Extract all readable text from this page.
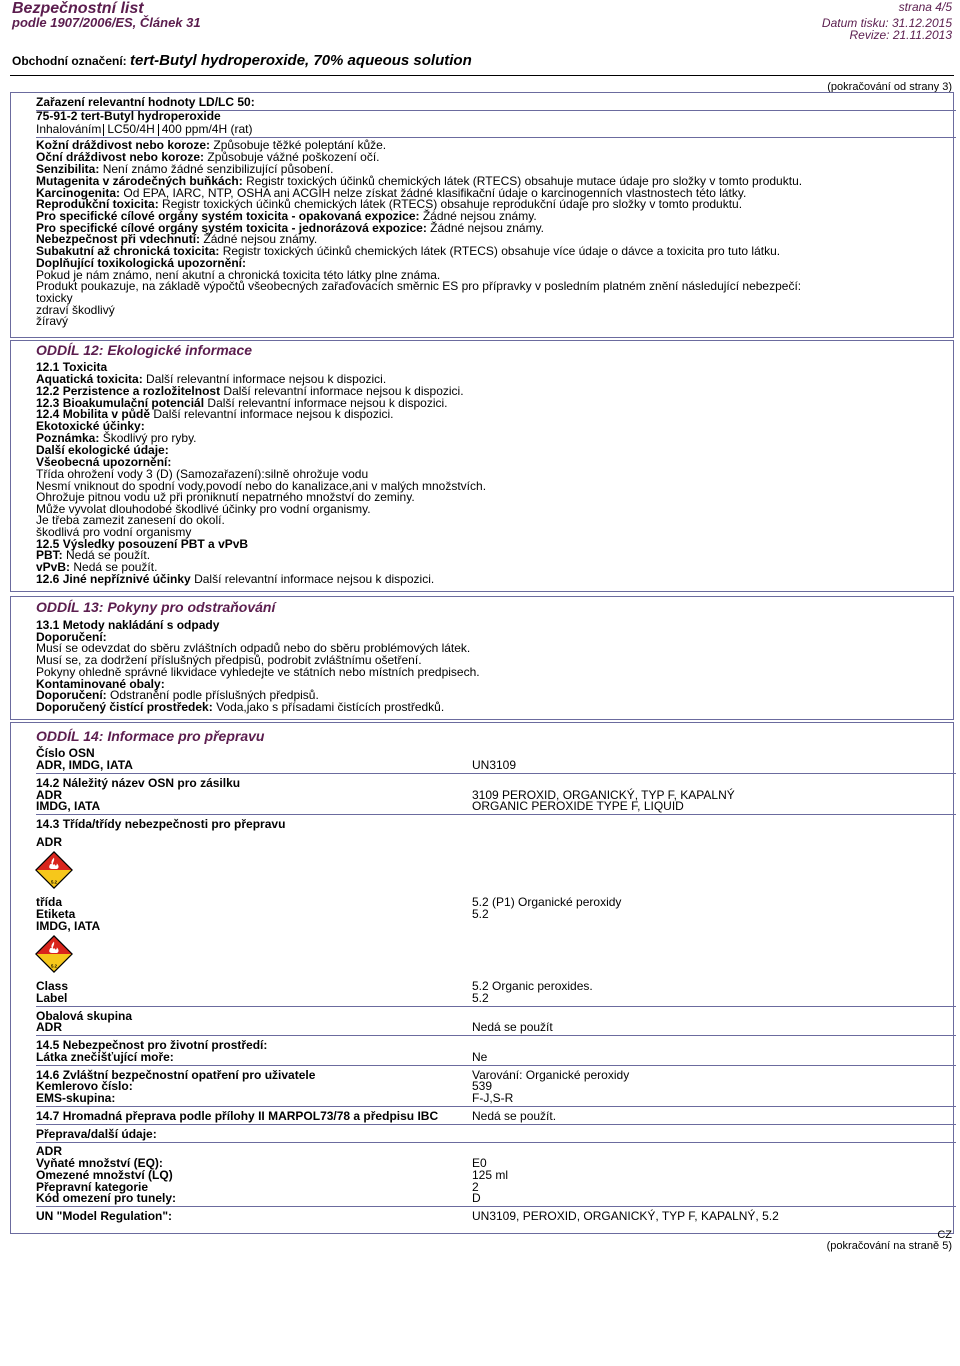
Bezpečnostní list
podle 1907/2006/ES, Článek 31
strana 4/5
Datum tisku: 31.12.2015
Revize: 21.11.2013
Obchodní označení: tert-Butyl hydroperoxide, 70% aqueous solution
(pokračování od strany 3)
Zařazení relevantní hodnoty LD/LC 50:
75-91-2 tert-Butyl hydroperoxide
Inhalováním LC50/4H 400 ppm/4H (rat)
Kožní dráždivost nebo koroze: Způsobuje těžké poleptání kůže.
Oční dráždivost nebo koroze: Způsobuje vážné poškození očí.
Senzibilita: Není známo žádné senzibilizující působení.
Mutagenita v zárodečných buňkách: Registr toxických účinků chemických látek (RTECS) obsahuje mutace údaje pro složky v tomto produktu.
Karcinogenita: Od EPA, IARC, NTP, OSHA ani ACGIH nelze získat žádné klasifikační údaje o karcinogenních vlastnostech této látky.
Reprodukční toxicita: Registr toxických účinků chemických látek (RTECS) obsahuje reprodukční údaje pro složky v tomto produktu.
Pro specifické cílové orgány systém toxicita - opakovaná expozice: Žádné nejsou známy.
Pro specifické cílové orgány systém toxicita - jednorázová expozice: Žádné nejsou známy.
Nebezpečnost při vdechnutí: Žádné nejsou známy.
Subakutní až chronická toxicita: Registr toxických účinků chemických látek (RTECS) obsahuje více údaje o dávce a toxicita pro tuto látku.
Doplňující toxikologická upozornění:
Pokud je nám známo, není akutní a chronická toxicita této látky plne známa.
Produkt poukazuje, na základě výpočtů všeobecných zařaďovacích směrnic ES pro přípravky v posledním platném znění následující nebezpečí:
toxicky
zdraví škodlivý
žíravý
ODDÍL 12: Ekologické informace
12.1 Toxicita
Aquatická toxicita: Další relevantní informace nejsou k dispozici.
12.2 Perzistence a rozložitelnost Další relevantní informace nejsou k dispozici.
12.3 Bioakumulační potenciál Další relevantní informace nejsou k dispozici.
12.4 Mobilita v půdě Další relevantní informace nejsou k dispozici.
Ekotoxické účinky:
Poznámka: Škodlivý pro ryby.
Další ekologické údaje:
Všeobecná upozornění:
Třída ohrožení vody 3 (D) (Samozařazení):silně ohrožuje vodu
Nesmí vniknout do spodní vody,povodí nebo do kanalizace,ani v malých množstvích.
Ohrožuje pitnou vodu už při proniknutí nepatrného množství do zeminy.
Může vyvolat dlouhodobé škodlivé účinky pro vodní organismy.
Je třeba zamezit zanesení do okolí.
škodlivá pro vodní organismy
12.5 Výsledky posouzení PBT a vPvB
PBT: Nedá se použít.
vPvB: Nedá se použít.
12.6 Jiné nepříznivé účinky Další relevantní informace nejsou k dispozici.
ODDÍL 13: Pokyny pro odstraňování
13.1 Metody nakládání s odpady
Doporučení:
Musí se odevzdat do sběru zvláštních odpadů nebo do sběru problémových látek.
Musí se, za dodržení příslušných předpisů, podrobit zvláštnímu ošetření.
Pokyny ohledně správné likvidace vyhledejte ve státních nebo místních predpisech.
Kontaminované obaly:
Doporučení: Odstranění podle příslušných předpisů.
Doporučený čistící prostředek: Voda,jako s přísadami čistících prostředků.
ODDÍL 14: Informace pro přepravu
Číslo OSN
ADR, IMDG, IATA	UN3109
14.2 Náležitý název OSN pro zásilku
ADR	3109 PEROXID, ORGANICKÝ, TYP F, KAPALNÝ
IMDG, IATA	ORGANIC PEROXIDE TYPE F, LIQUID
14.3 Třída/třídy nebezpečnosti pro přepravu
ADR
5.2
třída	5.2 (P1) Organické peroxidy
Etiketa	5.2
IMDG, IATA
5.2
Class	5.2 Organic peroxides.
Label	5.2
Obalová skupina
ADR	Nedá se použít
14.5 Nebezpečnost pro životní prostředí:
Látka znečišťující moře:	Ne
14.6 Zvláštní bezpečnostní opatření pro uživatele	Varování: Organické peroxidy
Kemlerovo číslo:	539
EMS-skupina:	F-J,S-R
14.7 Hromadná přeprava podle přílohy II MARPOL73/78 a předpisu IBC	Nedá se použít.
Přeprava/další údaje:
ADR
Vyňaté množství (EQ):	E0
Omezené množství (LQ)	125 ml
Přepravní kategorie	2
Kód omezení pro tunely:	D
UN "Model Regulation":	UN3109, PEROXID, ORGANICKÝ, TYP F, KAPALNÝ, 5.2
CZ
(pokračování na straně 5)
